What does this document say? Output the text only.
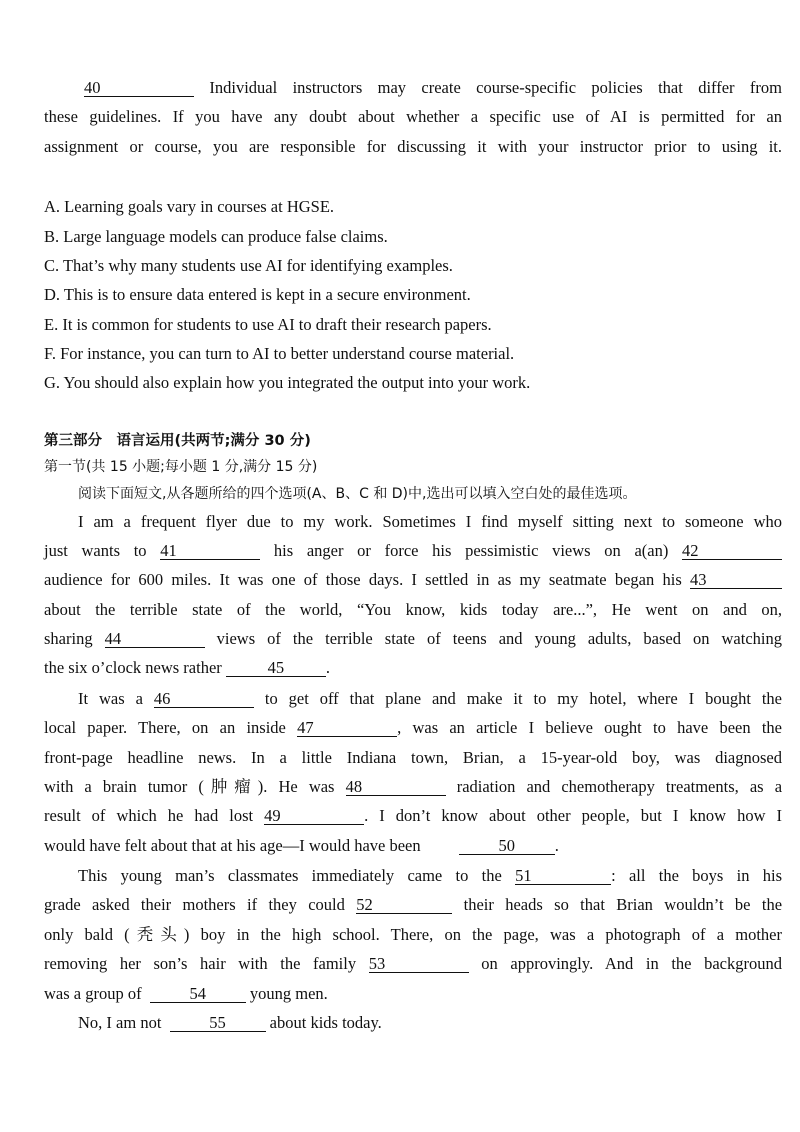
40	Individual instructors may create course-specific policies that differ from
these guidelines. If you have any doubt about whether a specific use of AI is permitted for an
assignment or course, you are responsible for discussing it with your instructor prior to using it.
A. Learning goals vary in courses at HGSE.
B. Large language models can produce false claims.
C. That’s why many students use AI for identifying examples.
D. This is to ensure data entered is kept in a secure environment.
E. It is common for students to use AI to draft their research papers.
F. For instance, you can turn to AI to better understand course material.
G. You should also explain how you integrated the output into your work.
第三部分　语言运用(共两节;满分 30 分)
第一节(共 15 小题;每小题 1 分,满分 15 分)
阅读下面短文,从各题所给的四个选项(A、B、C 和 D)中,选出可以填入空白处的最佳选项。
I am a frequent flyer due to my work. Sometimes I find myself sitting next to someone who
just wants to 41	his anger or force his pessimistic views on a(an) 42
audience for 600 miles. It was one of those days. I settled in as my seatmate began his 43
about the terrible state of the world, “You know, kids today are...”, He went on and on,
sharing 44	views of the terrible state of teens and young adults, based on watching
the six o’clock news rather	45	.
It was a 46	to get off that plane and make it to my hotel, where I bought the
local paper. There, on an inside 47	, was an article I believe ought to have been the
front-page headline news. In a little Indiana town, Brian, a 15-year-old boy, was diagnosed
with a brain tumor (肿瘤). He was 48	radiation and chemotherapy treatments, as a
result of which he had lost 49	. I don’t know about other people, but I know how I
would have felt about that at his age—I would have been	50 .
This young man’s classmates immediately came to the 51	: all the boys in his
grade asked their mothers if they could 52	their heads so that Brian wouldn’t be the
only bald (秃头) boy in the high school. There, on the page, was a photograph of a mother
removing her son’s hair with the family 53	on approvingly. And in the background
was a group of	54	young men.
No, I am not	55	about kids today.
